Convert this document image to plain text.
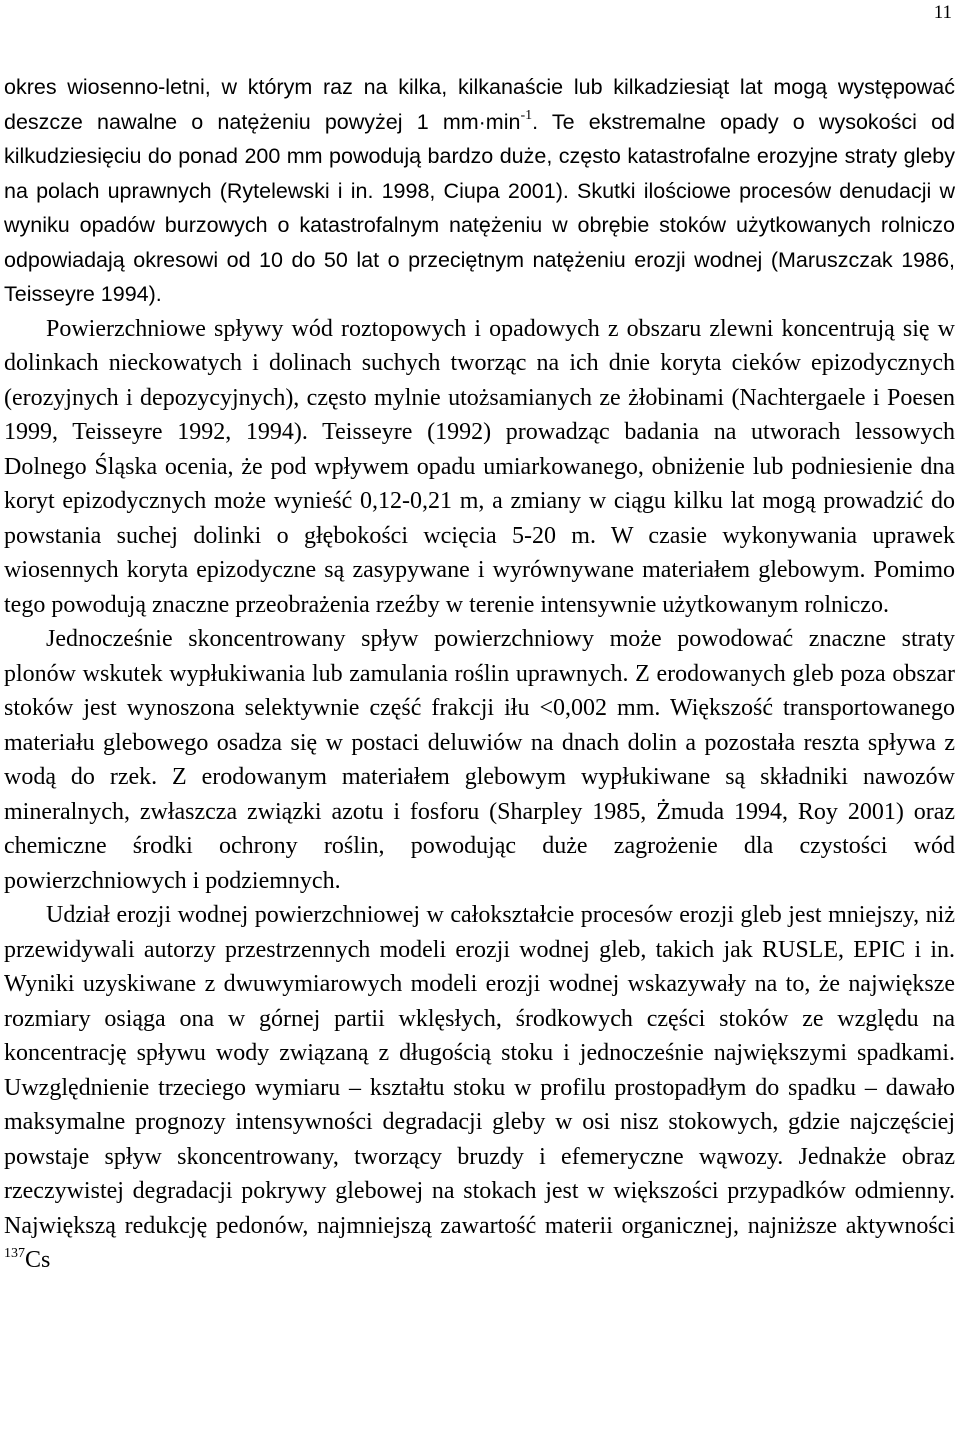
11

okres wiosenno-letni, w którym raz na kilka, kilkanaście lub kilkadziesiąt lat mogą występować deszcze nawalne o natężeniu powyżej 1 $mm\cdot\min^{-1}$. Te ekstremalne opady o wysokości od kilkudziesięciu do ponad 200 mm powodują bardzo duże, często katastrofalne erozyjne straty gleby na polach uprawnych (Rytelewski i in. 1998, Ciupa 2001). Skutki ilościowe procesów denudacji w wyniku opadów burzowych o katastrofalnym natężeniu w obrębie stoków użytkowanych rolniczo odpowiadają okresowi od 10 do 50 lat o przeciętnym natężeniu erozji wodnej (Maruszczak 1986, Teisseyre 1994).

Powierzchniowe spływy wód roztopowych i opadowych z obszaru zlewni koncentrują się w dolinkach nieckowatych i dolinach suchych tworząc na ich dnie koryta cieków epizodycznych (erozyjnych i depozycyjnych), często mylnie utożsamianych ze żłobinami (Nachtergaele i Poesen 1999, Teisseyre 1992, 1994). Teisseyre (1992) prowadząc badania na utworach lessowych Dolnego Śląska ocenia, że pod wpływem opadu umiarkowanego, obniżenie lub podniesienie dna koryt epizodycznych może wynieść 0,12-0,21 m, a zmiany w ciągu kilku lat mogą prowadzić do powstania suchej dolinki o głębokości wcięcia 5-20 m. W czasie wykonywania uprawek wiosennych koryta epizodyczne są zasypywane i wyrównywane materiałem glebowym. Pomimo tego powodują znaczne przeobrażenia rzeźby w terenie intensywnie użytkowanym rolniczo.

Jednocześnie skoncentrowany spływ powierzchniowy może powodować znaczne straty plonów wskutek wypłukiwania lub zamulania roślin uprawnych. Z erodowanych gleb poza obszar stoków jest wynoszona selektywnie część frakcji iłu <0,002 mm. Większość transportowanego materiału glebowego osadza się w postaci deluwiów na dnach dolin a pozostała reszta spływa z wodą do rzek. Z erodowanym materiałem glebowym wypłukiwane są składniki nawozów mineralnych, zwłaszcza związki azotu i fosforu (Sharpley 1985, Żmuda 1994, Roy 2001) oraz chemiczne środki ochrony roślin, powodując duże zagrożenie dla czystości wód powierzchniowych i podziemnych.

Udział erozji wodnej powierzchniowej w całokształcie procesów erozji gleb jest mniejszy, niż przewidywali autorzy przestrzennych modeli erozji wodnej gleb, takich jak RUSLE, EPIC i in. Wyniki uzyskiwane z dwuwymiarowych modeli erozji wodnej wskazywały na to, że największe rozmiary osiąga ona w górnej partii wklęsłych, środkowych części stoków ze względu na koncentrację spływu wody związaną z długością stoku i jednocześnie największymi spadkami. Uwzględnienie trzeciego wymiaru – kształtu stoku w profilu prostopadłym do spadku – dawało maksymalne prognozy intensywności degradacji gleby w osi nisz stokowych, gdzie najczęściej powstaje spływ skoncentrowany, tworzący bruzdy i efemeryczne wąwozy. Jednakże obraz rzeczywistej degradacji pokrywy glebowej na stokach jest w większości przypadków odmienny. Największą redukcję pedonów, najmniejszą zawartość materii organicznej, najniższe aktywności $^{137}$Cs
